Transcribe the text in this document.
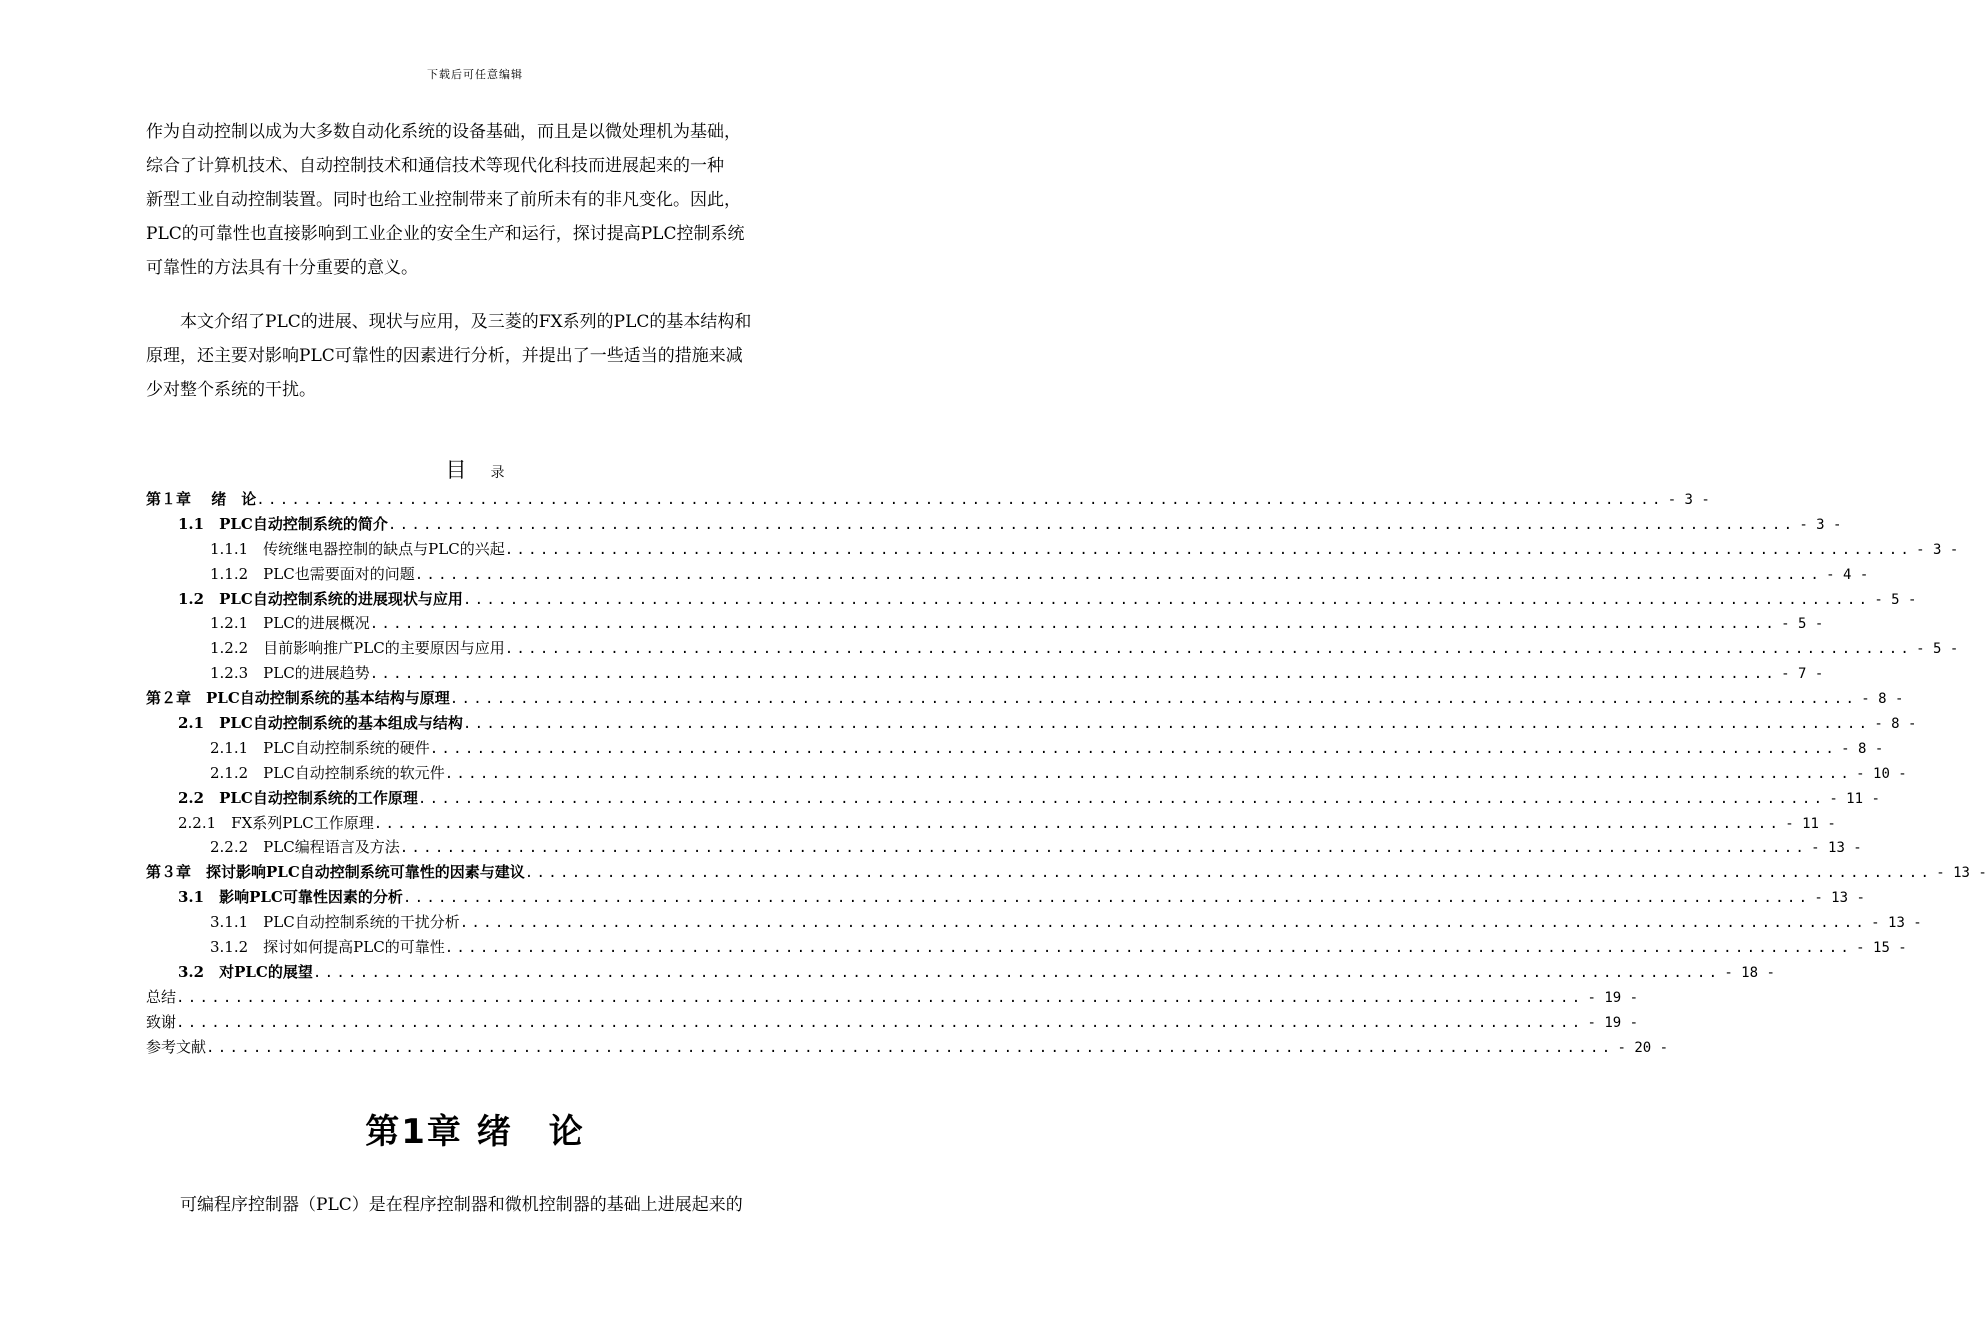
下载后可任意编辑
作为自动控制以成为大多数自动化系统的设备基础，而且是以微处理机为基础，
综合了计算机技术、自动控制技术和通信技术等现代化科技而进展起来的一种
新型工业自动控制装置。同时也给工业控制带来了前所未有的非凡变化。因此，
PLC的可靠性也直接影响到工业企业的安全生产和运行，探讨提高PLC控制系统
可靠性的方法具有十分重要的意义。
本文介绍了PLC的进展、现状与应用，及三菱的FX系列的PLC的基本结构和
原理，还主要对影响PLC可靠性的因素进行分析，并提出了一些适当的措施来减
少对整个系统的干扰。
目 录
第１章　 绪　论 ........................................................................................................................ - 3 -
1.1　PLC自动控制系统的简介 ........................................................................................................................ - 3 -
1.1.1　传统继电器控制的缺点与PLC的兴起 ........................................................................................................................ - 3 -
1.1.2　PLC也需要面对的问题 ........................................................................................................................ - 4 -
1.2　PLC自动控制系统的进展现状与应用 ........................................................................................................................ - 5 -
1.2.1　PLC的进展概况 ........................................................................................................................ - 5 -
1.2.2　目前影响推广PLC的主要原因与应用 ........................................................................................................................ - 5 -
1.2.3　PLC的进展趋势 ........................................................................................................................ - 7 -
第２章　PLC自动控制系统的基本结构与原理 ........................................................................................................................ - 8 -
2.1　PLC自动控制系统的基本组成与结构 ........................................................................................................................ - 8 -
2.1.1　PLC自动控制系统的硬件 ........................................................................................................................ - 8 -
2.1.2　PLC自动控制系统的软元件 ........................................................................................................................ - 10 -
2.2　PLC自动控制系统的工作原理 ........................................................................................................................ - 11 -
2.2.1　FX系列PLC工作原理 ........................................................................................................................ - 11 -
2.2.2　PLC编程语言及方法 ........................................................................................................................ - 13 -
第３章　探讨影响PLC自动控制系统可靠性的因素与建议 ........................................................................................................................ - 13 -
3.1　影响PLC可靠性因素的分析 ........................................................................................................................ - 13 -
3.1.1　PLC自动控制系统的干扰分析 ........................................................................................................................ - 13 -
3.1.2　探讨如何提高PLC的可靠性 ........................................................................................................................ - 15 -
3.2　对PLC的展望 ........................................................................................................................ - 18 -
总结 ........................................................................................................................ - 19 -
致谢 ........................................................................................................................ - 19 -
参考文献 ........................................................................................................................ - 20 -
第1章 绪　论
可编程序控制器（PLC）是在程序控制器和微机控制器的基础上进展起来的
